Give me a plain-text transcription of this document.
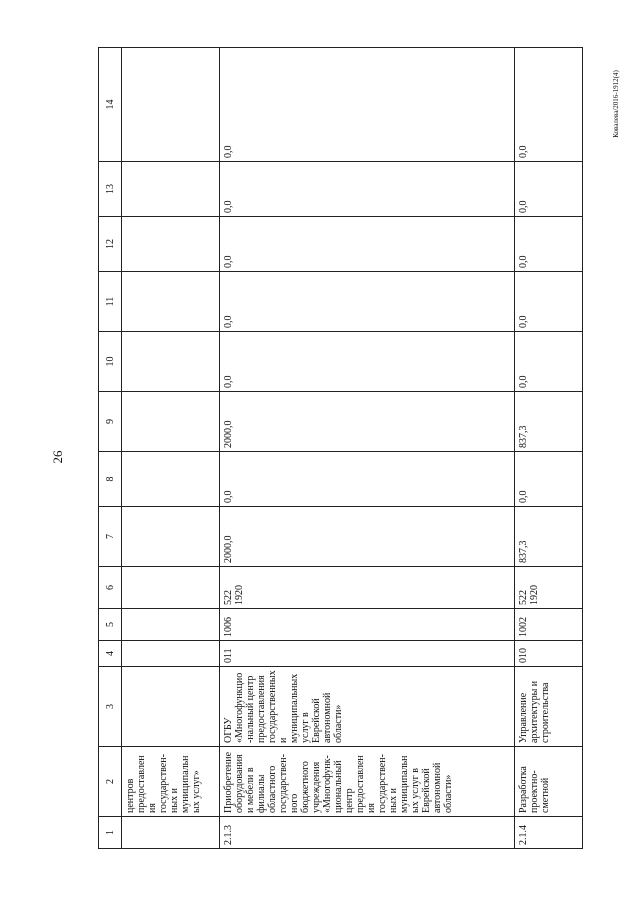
26
Ковалева/2016-1912(4)
1	2	3	4	5	6	7	8	9	10	11	12	13	14
	центров предоставления государствен-ных и муниципальных услуг»												
2.1.3	Приобретение оборудования и мебели в филиалы областного государствен-ного бюджетного учреждения «Многофунк-циональный центр предоставления государствен-ных и муниципальных услуг в Еврейской автономной области»	ОГБУ «Многофункцио-нальный центр предоставления государственных и муниципальных услуг в Еврейской автономной области»	011	1006	522 1920	2000,0	0,0	2000,0	0,0	0,0	0,0	0,0	0,0
2.1.4	Разработка проектно-сметной	Управление архитектуры и строительства	010	1002	522 1920	837,3	0,0	837,3	0,0	0,0	0,0	0,0	0,0
